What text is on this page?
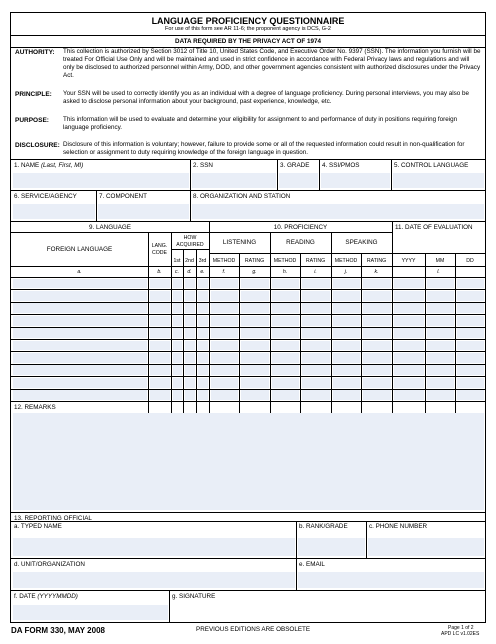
LANGUAGE PROFICIENCY QUESTIONNAIRE
For use of this form see AR 11-6; the proponent agency is DCS, G-2
DATA REQUIRED BY THE PRIVACY ACT OF 1974
AUTHORITY: This collection is authorized by Section 3012 of Title 10, United States Code, and Executive Order No. 9397 (SSN). The information you furnish will be treated For Official Use Only and will be maintained and used in strict confidence in accordance with Federal Privacy laws and regulations and will only be disclosed to authorized personnel within Army, DOD, and other government agencies consistent with authorized disclosures under the Privacy Act.
PRINCIPLE: Your SSN will be used to correctly identify you as an individual with a degree of language proficiency. During personal interviews, you may also be asked to disclose personal information about your background, past experience, knowledge, etc.
PURPOSE: This information will be used to evaluate and determine your eligibility for assignment to and performance of duty in positions requiring foreign language proficiency.
DISCLOSURE: Disclosure of this information is voluntary; however, failure to provide some or all of the requested information could result in non-qualification for selection or assignment to duty requiring knowledge of the foreign language in question.
1. NAME (Last, First, MI)	2. SSN	3. GRADE 4. SSI/PMOS	5. CONTROL LANGUAGE
6. SERVICE/AGENCY	7. COMPONENT	8. ORGANIZATION AND STATION
9. LANGUAGE	10. PROFICIENCY	11. DATE OF EVALUATION
FOREIGN LANGUAGE	LANG. CODE
HOW ACQUIRED
1st 2nd 3rd
LISTENING	READING	SPEAKING
METHOD	RATING	METHOD	RATING	METHOD	RATING	YYYY	MM	DD
a.	b.	c.	d.	e.	f.	g.	h.	i.	j.	k.	l.
12. REMARKS
13. REPORTING OFFICIAL
a. TYPED NAME	b. RANK/GRADE	c. PHONE NUMBER
d. UNIT/ORGANIZATION	e. EMAIL
f. DATE (YYYYMMDD)	g. SIGNATURE
DA FORM 330, MAY 2008	PREVIOUS EDITIONS ARE OBSOLETE	Page 1 of 2
APD LC v1.02ES
